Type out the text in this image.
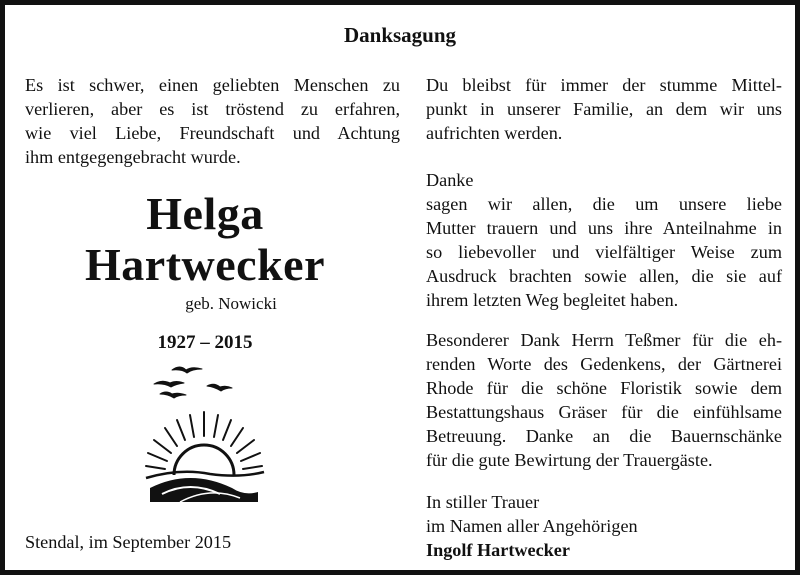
Danksagung
Es ist schwer, einen geliebten Menschen zu
verlieren, aber es ist tröstend zu erfahren,
wie viel Liebe, Freundschaft und Achtung
ihm entgegengebracht wurde.
Helga
Hartwecker
geb. Nowicki
1927 – 2015
Stendal, im September 2015
Du bleibst für immer der stumme Mittel-
punkt in unserer Familie, an dem wir uns
aufrichten werden.
Danke
sagen wir allen, die um unsere liebe
Mutter trauern und uns ihre Anteilnahme in
so liebevoller und vielfältiger Weise zum
Ausdruck brachten sowie allen, die sie auf
ihrem letzten Weg begleitet haben.
Besonderer Dank Herrn Teßmer für die eh-
renden Worte des Gedenkens, der Gärtnerei
Rhode für die schöne Floristik sowie dem
Bestattungshaus Gräser für die einfühlsame
Betreuung. Danke an die Bauernschänke
für die gute Bewirtung der Trauergäste.
In stiller Trauer
im Namen aller Angehörigen
Ingolf Hartwecker
